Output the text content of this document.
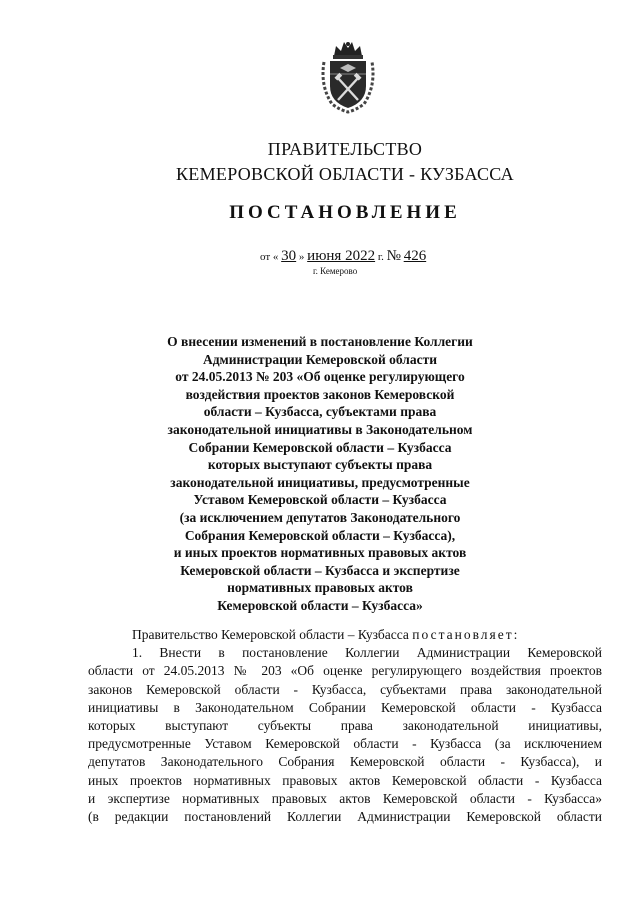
ПРАВИТЕЛЬСТВО
КЕМЕРОВСКОЙ ОБЛАСТИ - КУЗБАССА
ПОСТАНОВЛЕНИЕ
от « 30 » июня 2022 г. № 426
г. Кемерово
О внесении изменений в постановление Коллегии
Администрации Кемеровской области
от 24.05.2013 № 203 «Об оценке регулирующего
воздействия проектов законов Кемеровской
области – Кузбасса, субъектами права
законодательной инициативы в Законодательном
Собрании Кемеровской области – Кузбасса
которых выступают субъекты права
законодательной инициативы, предусмотренные
Уставом Кемеровской области – Кузбасса
(за исключением депутатов Законодательного
Собрания Кемеровской области – Кузбасса),
и иных проектов нормативных правовых актов
Кемеровской области – Кузбасса и экспертизе
нормативных правовых актов
Кемеровской области – Кузбасса»

Правительство Кемеровской области – Кузбасса постановляет:

1. Внести в постановление Коллегии Администрации Кемеровской

области от 24.05.2013 № 203 «Об оценке регулирующего воздействия проектов

законов Кемеровской области - Кузбасса, субъектами права законодательной

инициативы в Законодательном Собрании Кемеровской области - Кузбасса

которых выступают субъекты права законодательной инициативы,

предусмотренные Уставом Кемеровской области - Кузбасса (за исключением

депутатов Законодательного Собрания Кемеровской области - Кузбасса), и

иных проектов нормативных правовых актов Кемеровской области - Кузбасса

и экспертизе нормативных правовых актов Кемеровской области - Кузбасса»

(в редакции постановлений Коллегии Администрации Кемеровской области
